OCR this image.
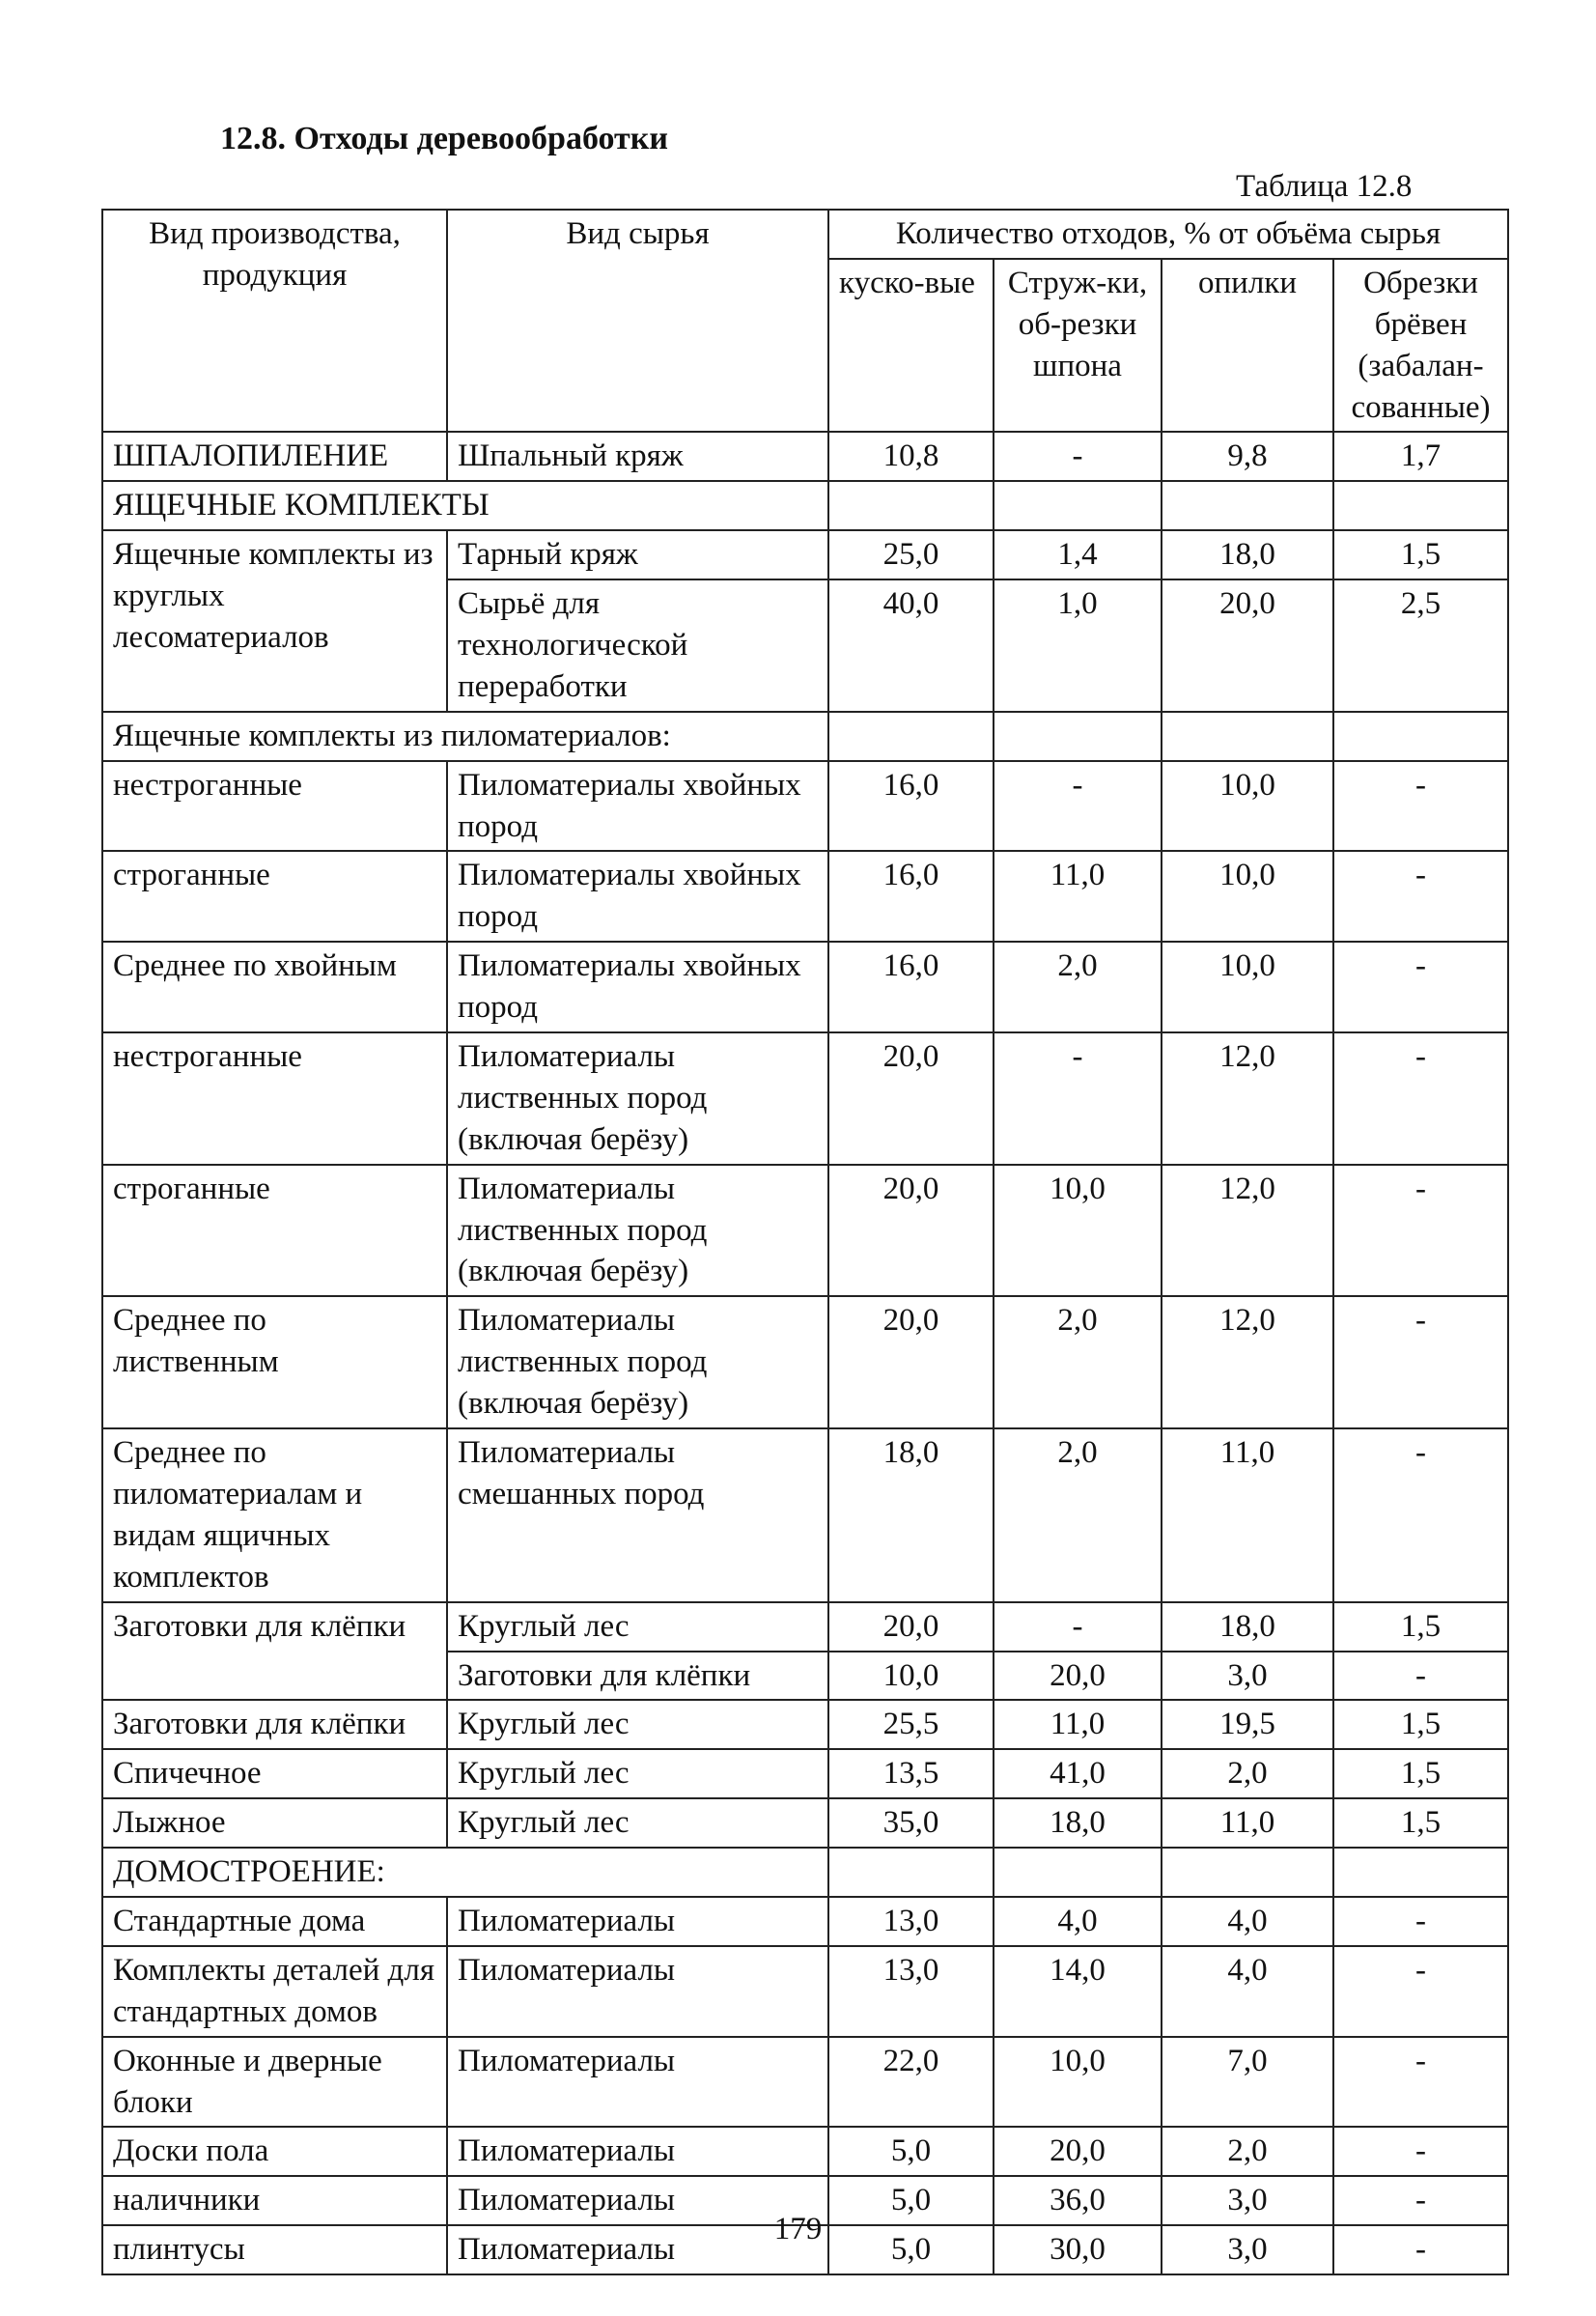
12.8. Отходы деревообработки
Таблица 12.8
Вид производства, продукция	Вид сырья	Количество отходов, % от объёма сырья			
		куско-вые	Струж-ки, об-резки шпона	опилки	Обрезки брёвен (забалан-сованные)
ШПАЛОПИЛЕНИЕ	Шпальный кряж	10,8	-	9,8	1,7
ЯЩЕЧНЫЕ КОМПЛЕКТЫ					
Ящечные комплекты из круглых лесоматериалов	Тарный кряж	25,0	1,4	18,0	1,5
	Сырьё для технологической переработки	40,0	1,0	20,0	2,5
Ящечные комплекты из пиломатериалов:					
нестроганные	Пиломатериалы хвойных пород	16,0	-	10,0	-
строганные	Пиломатериалы хвойных пород	16,0	11,0	10,0	-
Среднее по хвойным	Пиломатериалы хвойных пород	16,0	2,0	10,0	-
нестроганные	Пиломатериалы лиственных пород (включая берёзу)	20,0	-	12,0	-
строганные	Пиломатериалы лиственных пород (включая берёзу)	20,0	10,0	12,0	-
Среднее по лиственным	Пиломатериалы лиственных пород (включая берёзу)	20,0	2,0	12,0	-
Среднее по пиломатериалам и видам ящичных комплектов	Пиломатериалы смешанных пород	18,0	2,0	11,0	-
Заготовки для клёпки	Круглый лес	20,0	-	18,0	1,5
	Заготовки для клёпки	10,0	20,0	3,0	-
Заготовки для клёпки	Круглый лес	25,5	11,0	19,5	1,5
Спичечное	Круглый лес	13,5	41,0	2,0	1,5
Лыжное	Круглый лес	35,0	18,0	11,0	1,5
ДОМОСТРОЕНИЕ:					
Стандартные дома	Пиломатериалы	13,0	4,0	4,0	-
Комплекты деталей для стандартных домов	Пиломатериалы	13,0	14,0	4,0	-
Оконные и дверные блоки	Пиломатериалы	22,0	10,0	7,0	-
Доски пола	Пиломатериалы	5,0	20,0	2,0	-
наличники	Пиломатериалы	5,0	36,0	3,0	-
плинтусы	Пиломатериалы	5,0	30,0	3,0	-
179
